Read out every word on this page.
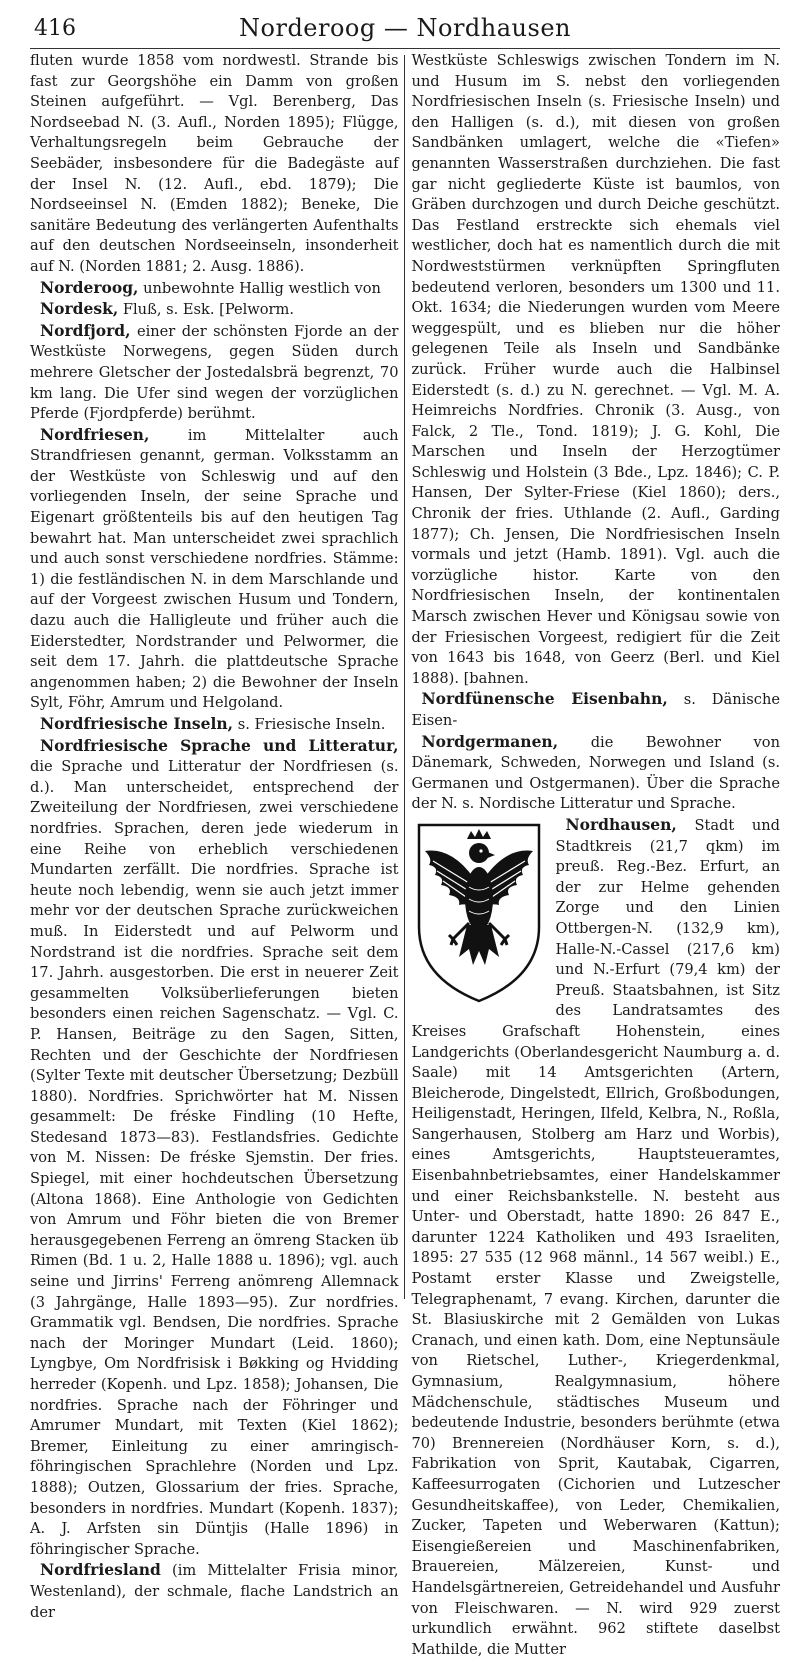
416	Norderoog — Nordhausen

fluten wurde 1858 vom nordwestl. Strande bis fast zur Georgshöhe ein Damm von großen Steinen aufgeführt. — Vgl. Berenberg, Das Nordseebad N. (3. Aufl., Norden 1895); Flügge, Verhaltungsregeln beim Gebrauche der Seebäder, insbesondere für die Badegäste auf der Insel N. (12. Aufl., ebd. 1879); Die Nordseeinsel N. (Emden 1882); Beneke, Die sanitäre Bedeutung des verlängerten Aufenthalts auf den deutschen Nordseeinseln, insonderheit auf N. (Norden 1881; 2. Ausg. 1886).

Norderoog, unbewohnte Hallig westlich von

Nordesk, Fluß, s. Esk. [Pelworm.

Nordfjord, einer der schönsten Fjorde an der Westküste Norwegens, gegen Süden durch mehrere Gletscher der Jostedalsbrä begrenzt, 70 km lang. Die Ufer sind wegen der vorzüglichen Pferde (Fjordpferde) berühmt.

Nordfriesen, im Mittelalter auch Strandfriesen genannt, german. Volksstamm an der Westküste von Schleswig und auf den vorliegenden Inseln, der seine Sprache und Eigenart größtenteils bis auf den heutigen Tag bewahrt hat. Man unterscheidet zwei sprachlich und auch sonst verschiedene nordfries. Stämme: 1) die festländischen N. in dem Marschlande und auf der Vorgeest zwischen Husum und Tondern, dazu auch die Halligleute und früher auch die Eiderstedter, Nordstrander und Pelwormer, die seit dem 17. Jahrh. die plattdeutsche Sprache angenommen haben; 2) die Bewohner der Inseln Sylt, Föhr, Amrum und Helgoland.

Nordfriesische Inseln, s. Friesische Inseln.

Nordfriesische Sprache und Litteratur, die Sprache und Litteratur der Nordfriesen (s. d.). Man unterscheidet, entsprechend der Zweiteilung der Nordfriesen, zwei verschiedene nordfries. Sprachen, deren jede wiederum in eine Reihe von erheblich verschiedenen Mundarten zerfällt. Die nordfries. Sprache ist heute noch lebendig, wenn sie auch jetzt immer mehr vor der deutschen Sprache zurückweichen muß. In Eiderstedt und auf Pelworm und Nordstrand ist die nordfries. Sprache seit dem 17. Jahrh. ausgestorben. Die erst in neuerer Zeit gesammelten Volksüberlieferungen bieten besonders einen reichen Sagenschatz. — Vgl. C. P. Hansen, Beiträge zu den Sagen, Sitten, Rechten und der Geschichte der Nordfriesen (Sylter Texte mit deutscher Übersetzung; Dezbüll 1880). Nordfries. Sprichwörter hat M. Nissen gesammelt: De fréske Findling (10 Hefte, Stedesand 1873—83). Festlandsfries. Gedichte von M. Nissen: De fréske Sjemstin. Der fries. Spiegel, mit einer hochdeutschen Übersetzung (Altona 1868). Eine Anthologie von Gedichten von Amrum und Föhr bieten die von Bremer herausgegebenen Ferreng an ömreng Stacken üb Rimen (Bd. 1 u. 2, Halle 1888 u. 1896); vgl. auch seine und Jirrins' Ferreng anömreng Allemnack (3 Jahrgänge, Halle 1893—95). Zur nordfries. Grammatik vgl. Bendsen, Die nordfries. Sprache nach der Moringer Mundart (Leid. 1860); Lyngbye, Om Nordfrisisk i Bøkking og Hvidding herreder (Kopenh. und Lpz. 1858); Johansen, Die nordfries. Sprache nach der Föhringer und Amrumer Mundart, mit Texten (Kiel 1862); Bremer, Einleitung zu einer amringisch-föhringischen Sprachlehre (Norden und Lpz. 1888); Outzen, Glossarium der fries. Sprache, besonders in nordfries. Mundart (Kopenh. 1837); A. J. Arfsten sin Düntjis (Halle 1896) in föhringischer Sprache.

Nordfriesland (im Mittelalter Frisia minor, Westenland), der schmale, flache Landstrich an der

Westküste Schleswigs zwischen Tondern im N. und Husum im S. nebst den vorliegenden Nordfriesischen Inseln (s. Friesische Inseln) und den Halligen (s. d.), mit diesen von großen Sandbänken umlagert, welche die «Tiefen» genannten Wasserstraßen durchziehen. Die fast gar nicht gegliederte Küste ist baumlos, von Gräben durchzogen und durch Deiche geschützt. Das Festland erstreckte sich ehemals viel westlicher, doch hat es namentlich durch die mit Nordweststürmen verknüpften Springfluten bedeutend verloren, besonders um 1300 und 11. Okt. 1634; die Niederungen wurden vom Meere weggespült, und es blieben nur die höher gelegenen Teile als Inseln und Sandbänke zurück. Früher wurde auch die Halbinsel Eiderstedt (s. d.) zu N. gerechnet. — Vgl. M. A. Heimreichs Nordfries. Chronik (3. Ausg., von Falck, 2 Tle., Tond. 1819); J. G. Kohl, Die Marschen und Inseln der Herzogtümer Schleswig und Holstein (3 Bde., Lpz. 1846); C. P. Hansen, Der Sylter-Friese (Kiel 1860); ders., Chronik der fries. Uthlande (2. Aufl., Garding 1877); Ch. Jensen, Die Nordfriesischen Inseln vormals und jetzt (Hamb. 1891). Vgl. auch die vorzügliche histor. Karte von den Nordfriesischen Inseln, der kontinentalen Marsch zwischen Hever und Königsau sowie von der Friesischen Vorgeest, redigiert für die Zeit von 1643 bis 1648, von Geerz (Berl. und Kiel 1888). [bahnen.

Nordfünensche Eisenbahn, s. Dänische Eisen-

Nordgermanen, die Bewohner von Dänemark, Schweden, Norwegen und Island (s. Germanen und Ostgermanen). Über die Sprache der N. s. Nordische Litteratur und Sprache.

Nordhausen,
Stadt und Stadtkreis (21,7 qkm) im preuß. Reg.-Bez. Erfurt, an der zur Helme gehenden Zorge und den Linien Ottbergen-N. (132,9 km), Halle-N.-Cassel (217,6 km) und N.-Erfurt (79,4 km) der Preuß. Staatsbahnen, ist Sitz des Landratsamtes des Kreises Grafschaft Hohenstein, eines Landgerichts (Oberlandesgericht Naumburg a. d. Saale) mit 14 Amtsgerichten (Artern, Bleicherode, Dingelstedt, Ellrich, Großbodungen, Heiligenstadt, Heringen, Ilfeld, Kelbra, N., Roßla, Sangerhausen, Stolberg am Harz und Worbis), eines Amtsgerichts, Hauptsteueramtes, Eisenbahnbetriebsamtes, einer Handelskammer und einer Reichsbankstelle. N. besteht aus Unter- und Oberstadt, hatte 1890: 26 847 E., darunter 1224 Katholiken und 493 Israeliten, 1895: 27 535 (12 968 männl., 14 567 weibl.) E., Postamt erster Klasse und Zweigstelle, Telegraphenamt, 7 evang. Kirchen, darunter die St. Blasiuskirche mit 2 Gemälden von Lukas Cranach, und einen kath. Dom, eine Neptunsäule von Rietschel, Luther-, Kriegerdenkmal, Gymnasium, Realgymnasium, höhere Mädchenschule, städtisches Museum und bedeutende Industrie, besonders berühmte (etwa 70) Brennereien (Nordhäuser Korn, s. d.), Fabrikation von Sprit, Kautabak, Cigarren, Kaffeesurrogaten (Cichorien und Lutzescher Gesundheitskaffee), von Leder, Chemikalien, Zucker, Tapeten und Weberwaren (Kattun); Eisengießereien und Maschinenfabriken, Brauereien, Mälzereien, Kunst- und Handelsgärtnereien, Getreidehandel und Ausfuhr von Fleischwaren. — N. wird 929 zuerst urkundlich erwähnt. 962 stiftete daselbst Mathilde, die Mutter
